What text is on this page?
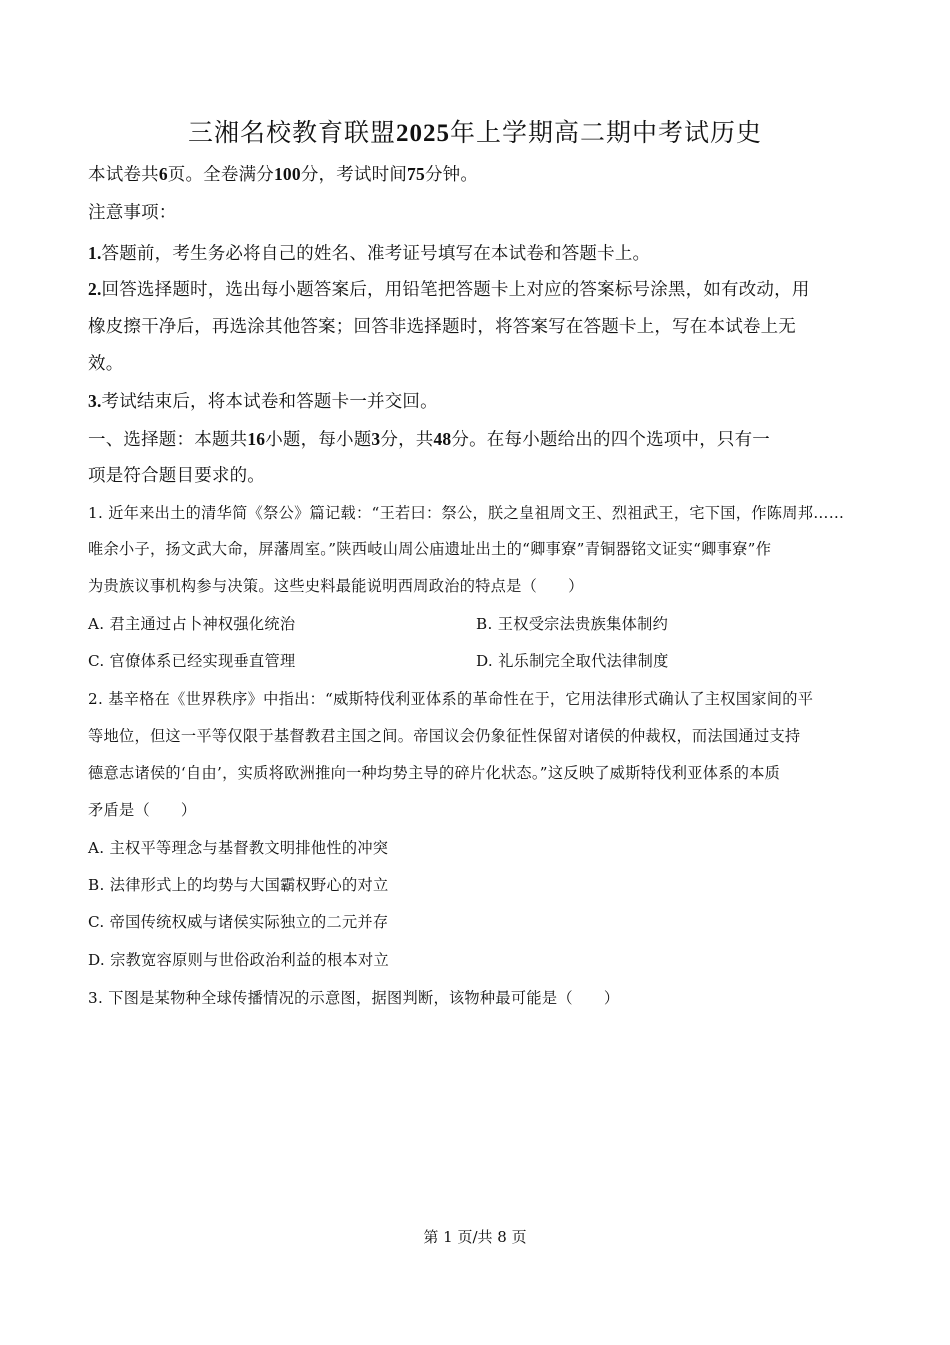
三湘名校教育联盟2025年上学期高二期中考试历史
本试卷共6页。全卷满分100分，考试时间75分钟。
注意事项：
1.答题前，考生务必将自己的姓名、准考证号填写在本试卷和答题卡上。
2.回答选择题时，选出每小题答案后，用铅笔把答题卡上对应的答案标号涂黑，如有改动，用
橡皮擦干净后，再选涂其他答案；回答非选择题时，将答案写在答题卡上，写在本试卷上无
效。
3.考试结束后，将本试卷和答题卡一并交回。
一、选择题：本题共16小题，每小题3分，共48分。在每小题给出的四个选项中，只有一
项是符合题目要求的。
1. 近年来出土的清华简《祭公》篇记载：“王若曰：祭公，朕之皇祖周文王、烈祖武王，宅下国，作陈周邦……
唯余小子，扬文武大命，屏藩周室。”陕西岐山周公庙遗址出土的“卿事寮”青铜器铭文证实“卿事寮”作
为贵族议事机构参与决策。这些史料最能说明西周政治的特点是（　　）
A. 君主通过占卜神权强化统治	B. 王权受宗法贵族集体制约
C. 官僚体系已经实现垂直管理	D. 礼乐制完全取代法律制度
2. 基辛格在《世界秩序》中指出：“威斯特伐利亚体系的革命性在于，它用法律形式确认了主权国家间的平
等地位，但这一平等仅限于基督教君主国之间。帝国议会仍象征性保留对诸侯的仲裁权，而法国通过支持
德意志诸侯的‘自由’，实质将欧洲推向一种均势主导的碎片化状态。”这反映了威斯特伐利亚体系的本质
矛盾是（　　）
A. 主权平等理念与基督教文明排他性的冲突
B. 法律形式上的均势与大国霸权野心的对立
C. 帝国传统权威与诸侯实际独立的二元并存
D. 宗教宽容原则与世俗政治利益的根本对立
3. 下图是某物种全球传播情况的示意图，据图判断，该物种最可能是（　　）
第 1 页/共 8 页
